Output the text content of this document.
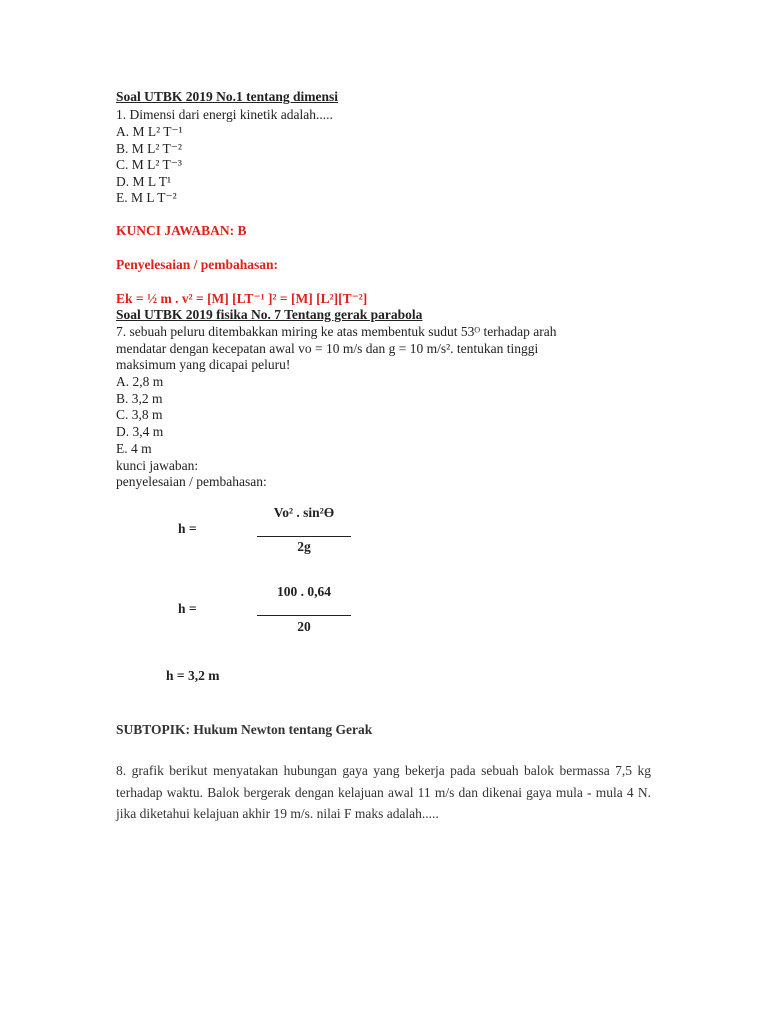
Soal UTBK 2019 No.1 tentang dimensi
1. Dimensi dari energi kinetik adalah.....
A. M L² T⁻¹
B. M L² T⁻²
C. M L² T⁻³
D. M L T¹
E. M L T⁻²
KUNCI JAWABAN: B
Penyelesaian / pembahasan:
Ek = ½ m . v² = [M] [LT⁻¹ ]² = [M] [L²][T⁻²]
Soal UTBK 2019 fisika No. 7 Tentang gerak parabola
7. sebuah peluru ditembakkan miring ke atas membentuk sudut 53ᴼ terhadap arah
mendatar dengan kecepatan awal vo = 10 m/s dan g = 10 m/s². tentukan tinggi
maksimum yang dicapai peluru!
A. 2,8 m
B. 3,2 m
C. 3,8 m
D. 3,4 m
E. 4 m
kunci jawaban:
penyelesaian / pembahasan:
h =
Vo² . sin²Ө
2g
h =
100 . 0,64
20
h = 3,2 m
SUBTOPIK: Hukum Newton tentang Gerak
8. grafik berikut menyatakan hubungan gaya yang bekerja pada sebuah balok bermassa 7,5 kg terhadap waktu. Balok bergerak dengan kelajuan awal 11 m/s dan dikenai gaya mula - mula 4 N. jika diketahui kelajuan akhir 19 m/s. nilai F maks adalah.....
